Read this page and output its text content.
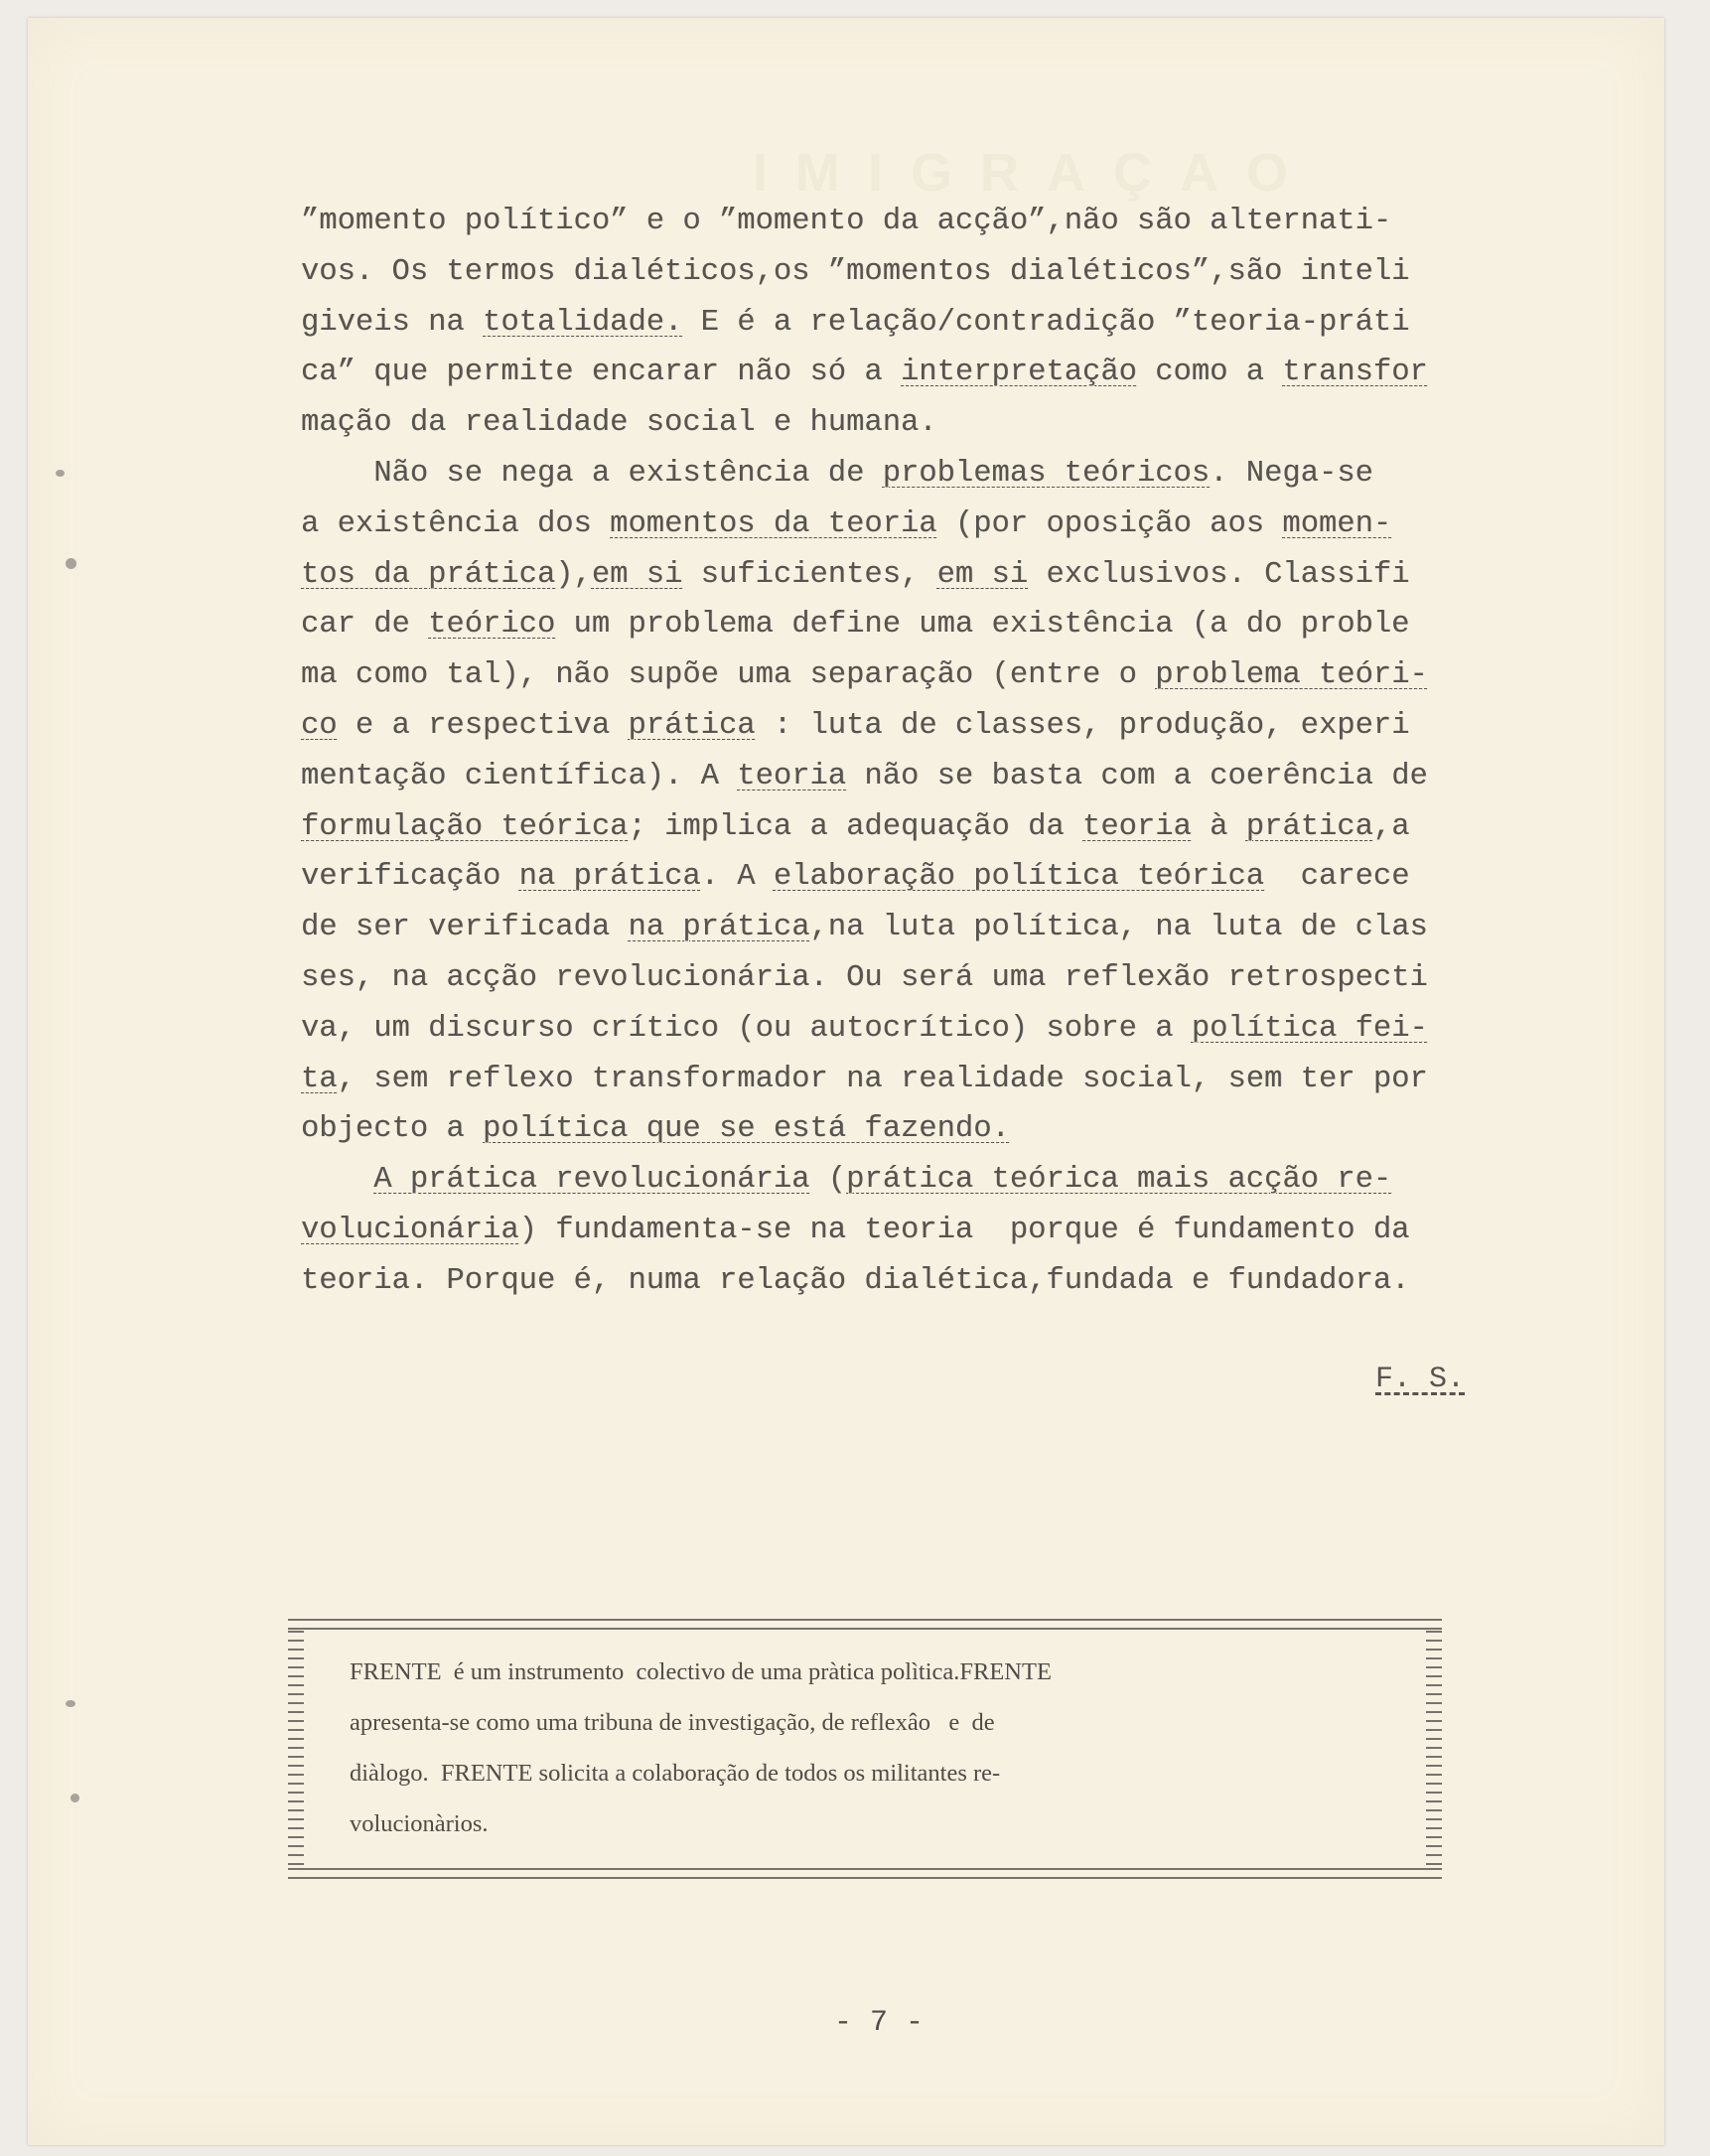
IMIGRAÇAO
”momento político” e o ”momento da acção”,não são alternati-
vos. Os termos dialéticos,os ”momentos dialéticos”,são inteli
giveis na totalidade. E é a relação/contradição ”teoria-práti
ca” que permite encarar não só a interpretação como a transfor
mação da realidade social e humana.
Não se nega a existência de problemas teóricos. Nega-se
a existência dos momentos da teoria (por oposição aos momen-
tos da prática),em si suficientes, em si exclusivos. Classifi
car de teórico um problema define uma existência (a do proble
ma como tal), não supõe uma separação (entre o problema teóri-
co e a respectiva prática : luta de classes, produção, experi
mentação científica). A teoria não se basta com a coerência de
formulação teórica; implica a adequação da teoria à prática,a
verificação na prática. A elaboração política teórica  carece
de ser verificada na prática,na luta política, na luta de clas
ses, na acção revolucionária. Ou será uma reflexão retrospecti
va, um discurso crítico (ou autocrítico) sobre a política fei-
ta, sem reflexo transformador na realidade social, sem ter por
objecto a política que se está fazendo.
A prática revolucionária (prática teórica mais acção re-
volucionária) fundamenta-se na teoria  porque é fundamento da
teoria. Porque é, numa relação dialética,fundada e fundadora.
F. S.
FRENTE  é um instrumento  colectivo de uma pràtica polìtica.FRENTE
apresenta-se como uma tribuna de investigação, de reflexâo   e  de
diàlogo.  FRENTE solicita a colaboração de todos os militantes re-
volucionàrios.
- 7 -
